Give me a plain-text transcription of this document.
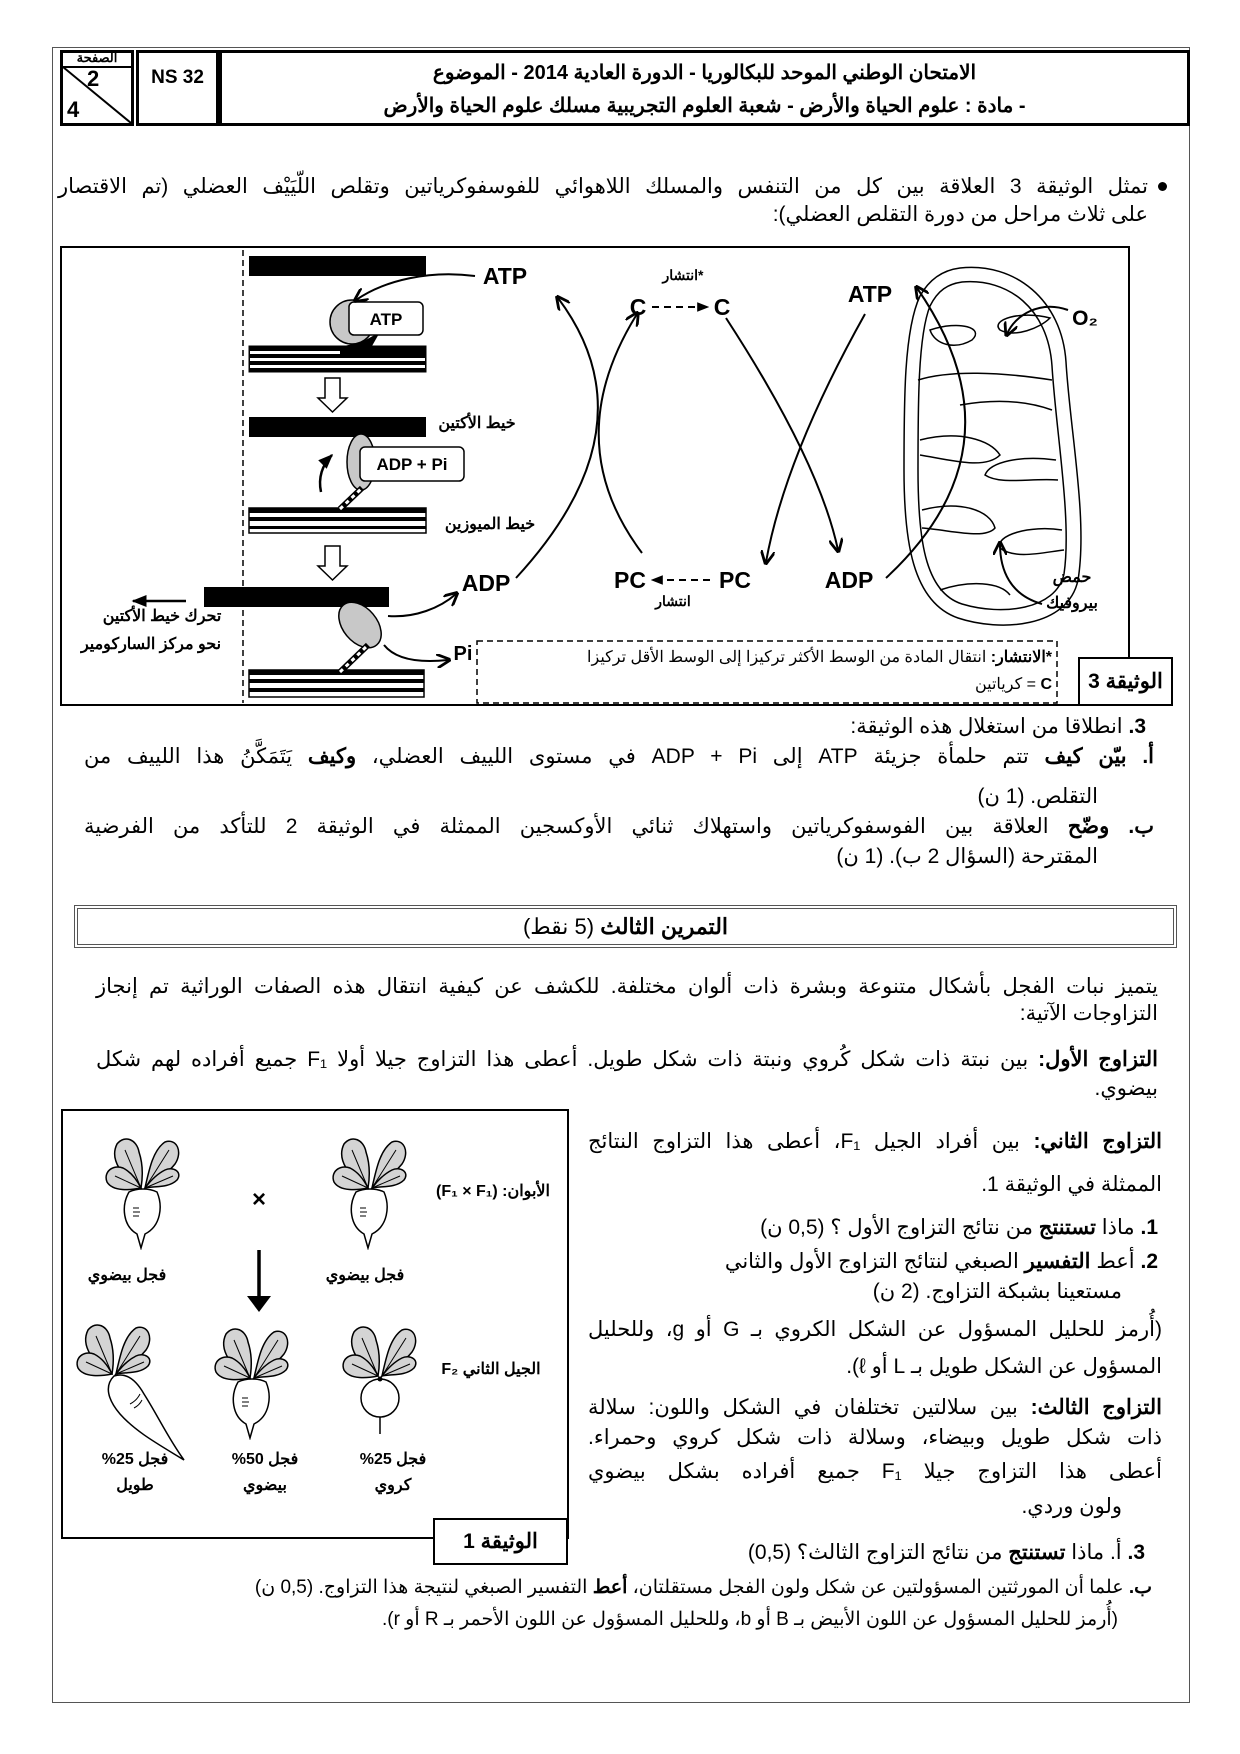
الصفحة
2
4
NS 32	الامتحان الوطني الموحد للبكالوريا - الدورة العادية 2014 - الموضوع
- مادة : علوم الحياة والأرض - شعبة العلوم التجريبية مسلك علوم الحياة والأرض
تمثل الوثيقة 3 العلاقة بين كل من التنفس والمسلك اللاهوائي للفوسفوكرياتين وتقلص اللّيَيْف العضلي (تم الاقتصار
على ثلاث مراحل من دورة التقلص العضلي):
ATP
ADP + Pi
خيط الميوزين
خيط الأكتين
تحرك خيط الأكتين
نحو مركز الساركومير
ATP
ADP
Pi
*انتشار
C	C	ATP
O₂
PC	PC
انتشار
ADP	حمض
بيروفيك
×	الأبوان: (F₁ × F₁)
فجل بيضوي
فجل بيضوي
الجيل الثاني F₂
فجل 25%
كروي
فجل 50%
بيضوي
فجل 25%
طويل
*الانتشار: انتقال المادة من الوسط الأكثر تركيزا إلى الوسط الأقل تركيزا
C = كرياتين	الوثيقة 3
3. انطلاقا من استغلال هذه الوثيقة:
أ. بيّن كيف تتم حلمأة جزيئة ATP إلى ADP + Pi في مستوى اللييف العضلي، وكيف يَتَمَكَّنُ هذا اللييف من
التقلص. (1 ن)
ب. وضّح العلاقة بين الفوسفوكرياتين واستهلاك ثنائي الأوكسجين الممثلة في الوثيقة 2 للتأكد من الفرضية
المقترحة (السؤال 2 ب). (1 ن)
التمرين الثالث (5 نقط)
يتميز نبات الفجل بأشكال متنوعة وبشرة ذات ألوان مختلفة. للكشف عن كيفية انتقال هذه الصفات الوراثية تم إنجاز
التزاوجات الآتية:
التزاوج الأول: بين نبتة ذات شكل كُروي ونبتة ذات شكل طويل. أعطى هذا التزاوج جيلا أولا F₁ جميع أفراده لهم شكل
بيضوي.
التزاوج الثاني: بين أفراد الجيل F₁، أعطى هذا التزاوج النتائج
الممثلة في الوثيقة 1.
1. ماذا تستنتج من نتائج التزاوج الأول ؟ (0,5 ن)
2. أعط التفسير الصبغي لنتائج التزاوج الأول والثاني
مستعينا بشبكة التزاوج. (2 ن)
(أُرمز للحليل المسؤول عن الشكل الكروي بـ G أو g، وللحليل
المسؤول عن الشكل طويل بـ L أو ℓ).
التزاوج الثالث: بين سلالتين تختلفان في الشكل واللون: سلالة
ذات شكل طويل وبيضاء، وسلالة ذات شكل كروي وحمراء.
أعطى هذا التزاوج جيلا F₁ جميع أفراده بشكل بيضوي
ولون وردي.
3. أ. ماذا تستنتج من نتائج التزاوج الثالث؟ (0,5)
الوثيقة 1
ب. علما أن المورثتين المسؤولتين عن شكل ولون الفجل مستقلتان، أعط التفسير الصبغي لنتيجة هذا التزاوج. (0,5 ن)
(أُرمز للحليل المسؤول عن اللون الأبيض بـ B أو b، وللحليل المسؤول عن اللون الأحمر بـ R أو r).
